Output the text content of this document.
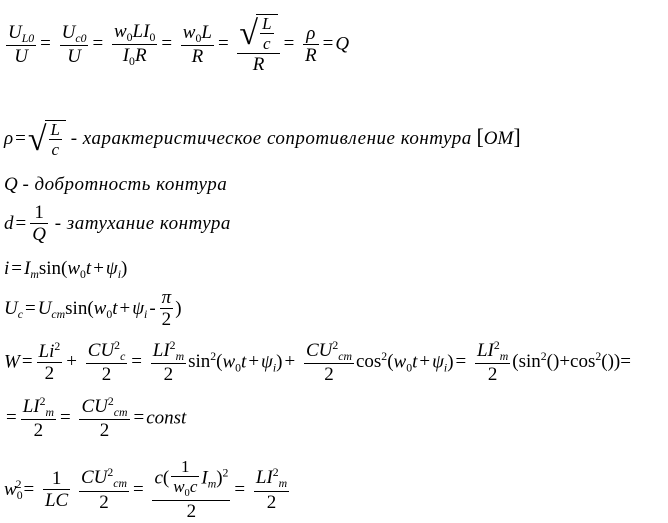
$\frac{U_{L0}}{U} = \frac{U_{c0}}{U} = \frac{w_0LI_0}{I_0R} = \frac{w_0L}{R} = \frac{√ \frac{L}{c}}{R} = \frac{\rho}{R} = Q$
ρ =√ $\frac{L}{c}$ - характеристическое сопротивление контура [ОМ]
Q - добротность контура
$d = \frac{1}{Q}$ - затухание контура
$i = I_m\sin(w_0t + \psi_i)$
$U_c = U_{cm}\sin(w_0t + \psi_i - \frac{\pi}{2}$ )
$W = \frac{Li^2}{2} + \frac{CU^2_c}{2} = \frac{LI^2_m}{2} \sin^2(w_0t + \psi_i) + \frac{CU^2_{cm}}{2} \cos^2(w_0t + \psi_i) = \frac{LI^2_m}{2} (\sin^2()+\cos^2())=$
= $\frac{LI^2_m}{2} = \frac{CU^2_{cm}}{2}$ = const
$w_0^2 = \frac{1}{LC}$
$\frac{CU^2_{cm}}{2} = \frac{c( \frac{1}{w_0c} I_m)^2}{2} = \frac{LI^2_m}{2}$
